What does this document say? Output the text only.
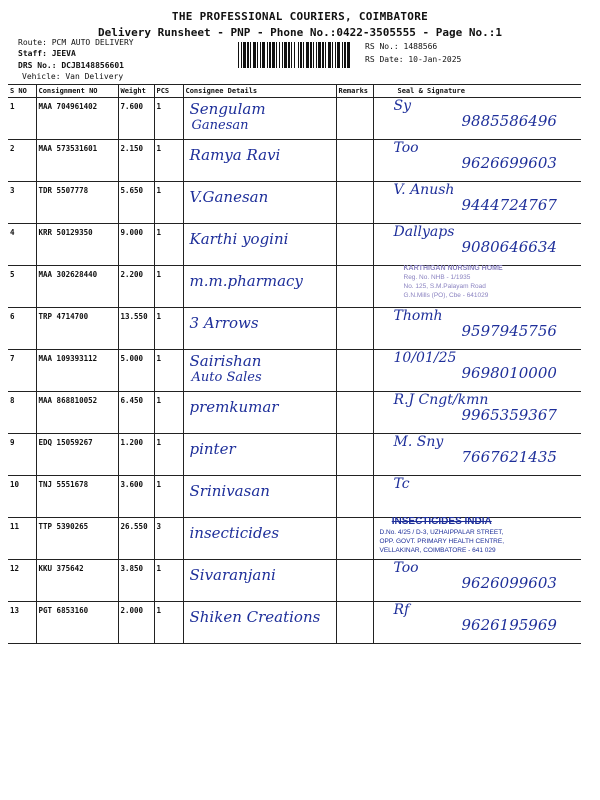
THE PROFESSIONAL COURIERS, COIMBATORE
Delivery Runsheet - PNP - Phone No.:0422-3505555 - Page No.:1
Route: PCM AUTO DELIVERY
Staff: JEEVA
DRS No.: DCJB148856601
Vehicle: Van Delivery
RS No.: 1488566
RS Date: 10-Jan-2025
S NO	Consignment NO	Weight	PCS	Consignee Details	Remarks	Seal & Signature
1	MAA 704961402	7.600	1	Sengulam
Ganesan		Sy
9885586496

2	MAA 573531601	2.150	1	Ramya Ravi		Too
9626699603

3	TDR 5507778	5.650	1	V.Ganesan		V. Anush
9444724767

4	KRR 50129350	9.000	1	Karthi yogini		Dallyaps
9080646634

5	MAA 302628440	2.200	1	m.m.pharmacy		KARTHIGAN NURSING HOME
Reg. No. NHB - 1/1935
No. 125, S.M.Palayam Road
G.N.Mills (PO), Cbe - 641029

6	TRP 4714700	13.550	1	3 Arrows		Thomh
9597945756

7	MAA 109393112	5.000	1	Sairishan
Auto Sales		10/01/25
9698010000

8	MAA 868810052	6.450	1	premkumar		R.J Cngt/kmn
9965359367

9	EDQ 15059267	1.200	1	pinter		M. Sny
7667621435

10	TNJ 5551678	3.600	1	Srinivasan		Tc

11	TTP 5390265	26.550	3	insecticides		INSECTICIDES INDIA
D.No. 4/25 / D-3, UZHAIPPALAR STREET,
OPP. GOVT. PRIMARY HEALTH CENTRE,
VELLAKINAR, COIMBATORE - 641 029

12	KKU 375642	3.850	1	Sivaranjani		Too
9626099603

13	PGT 6853160	2.000	1	Shiken Creations		Rf
9626195969
